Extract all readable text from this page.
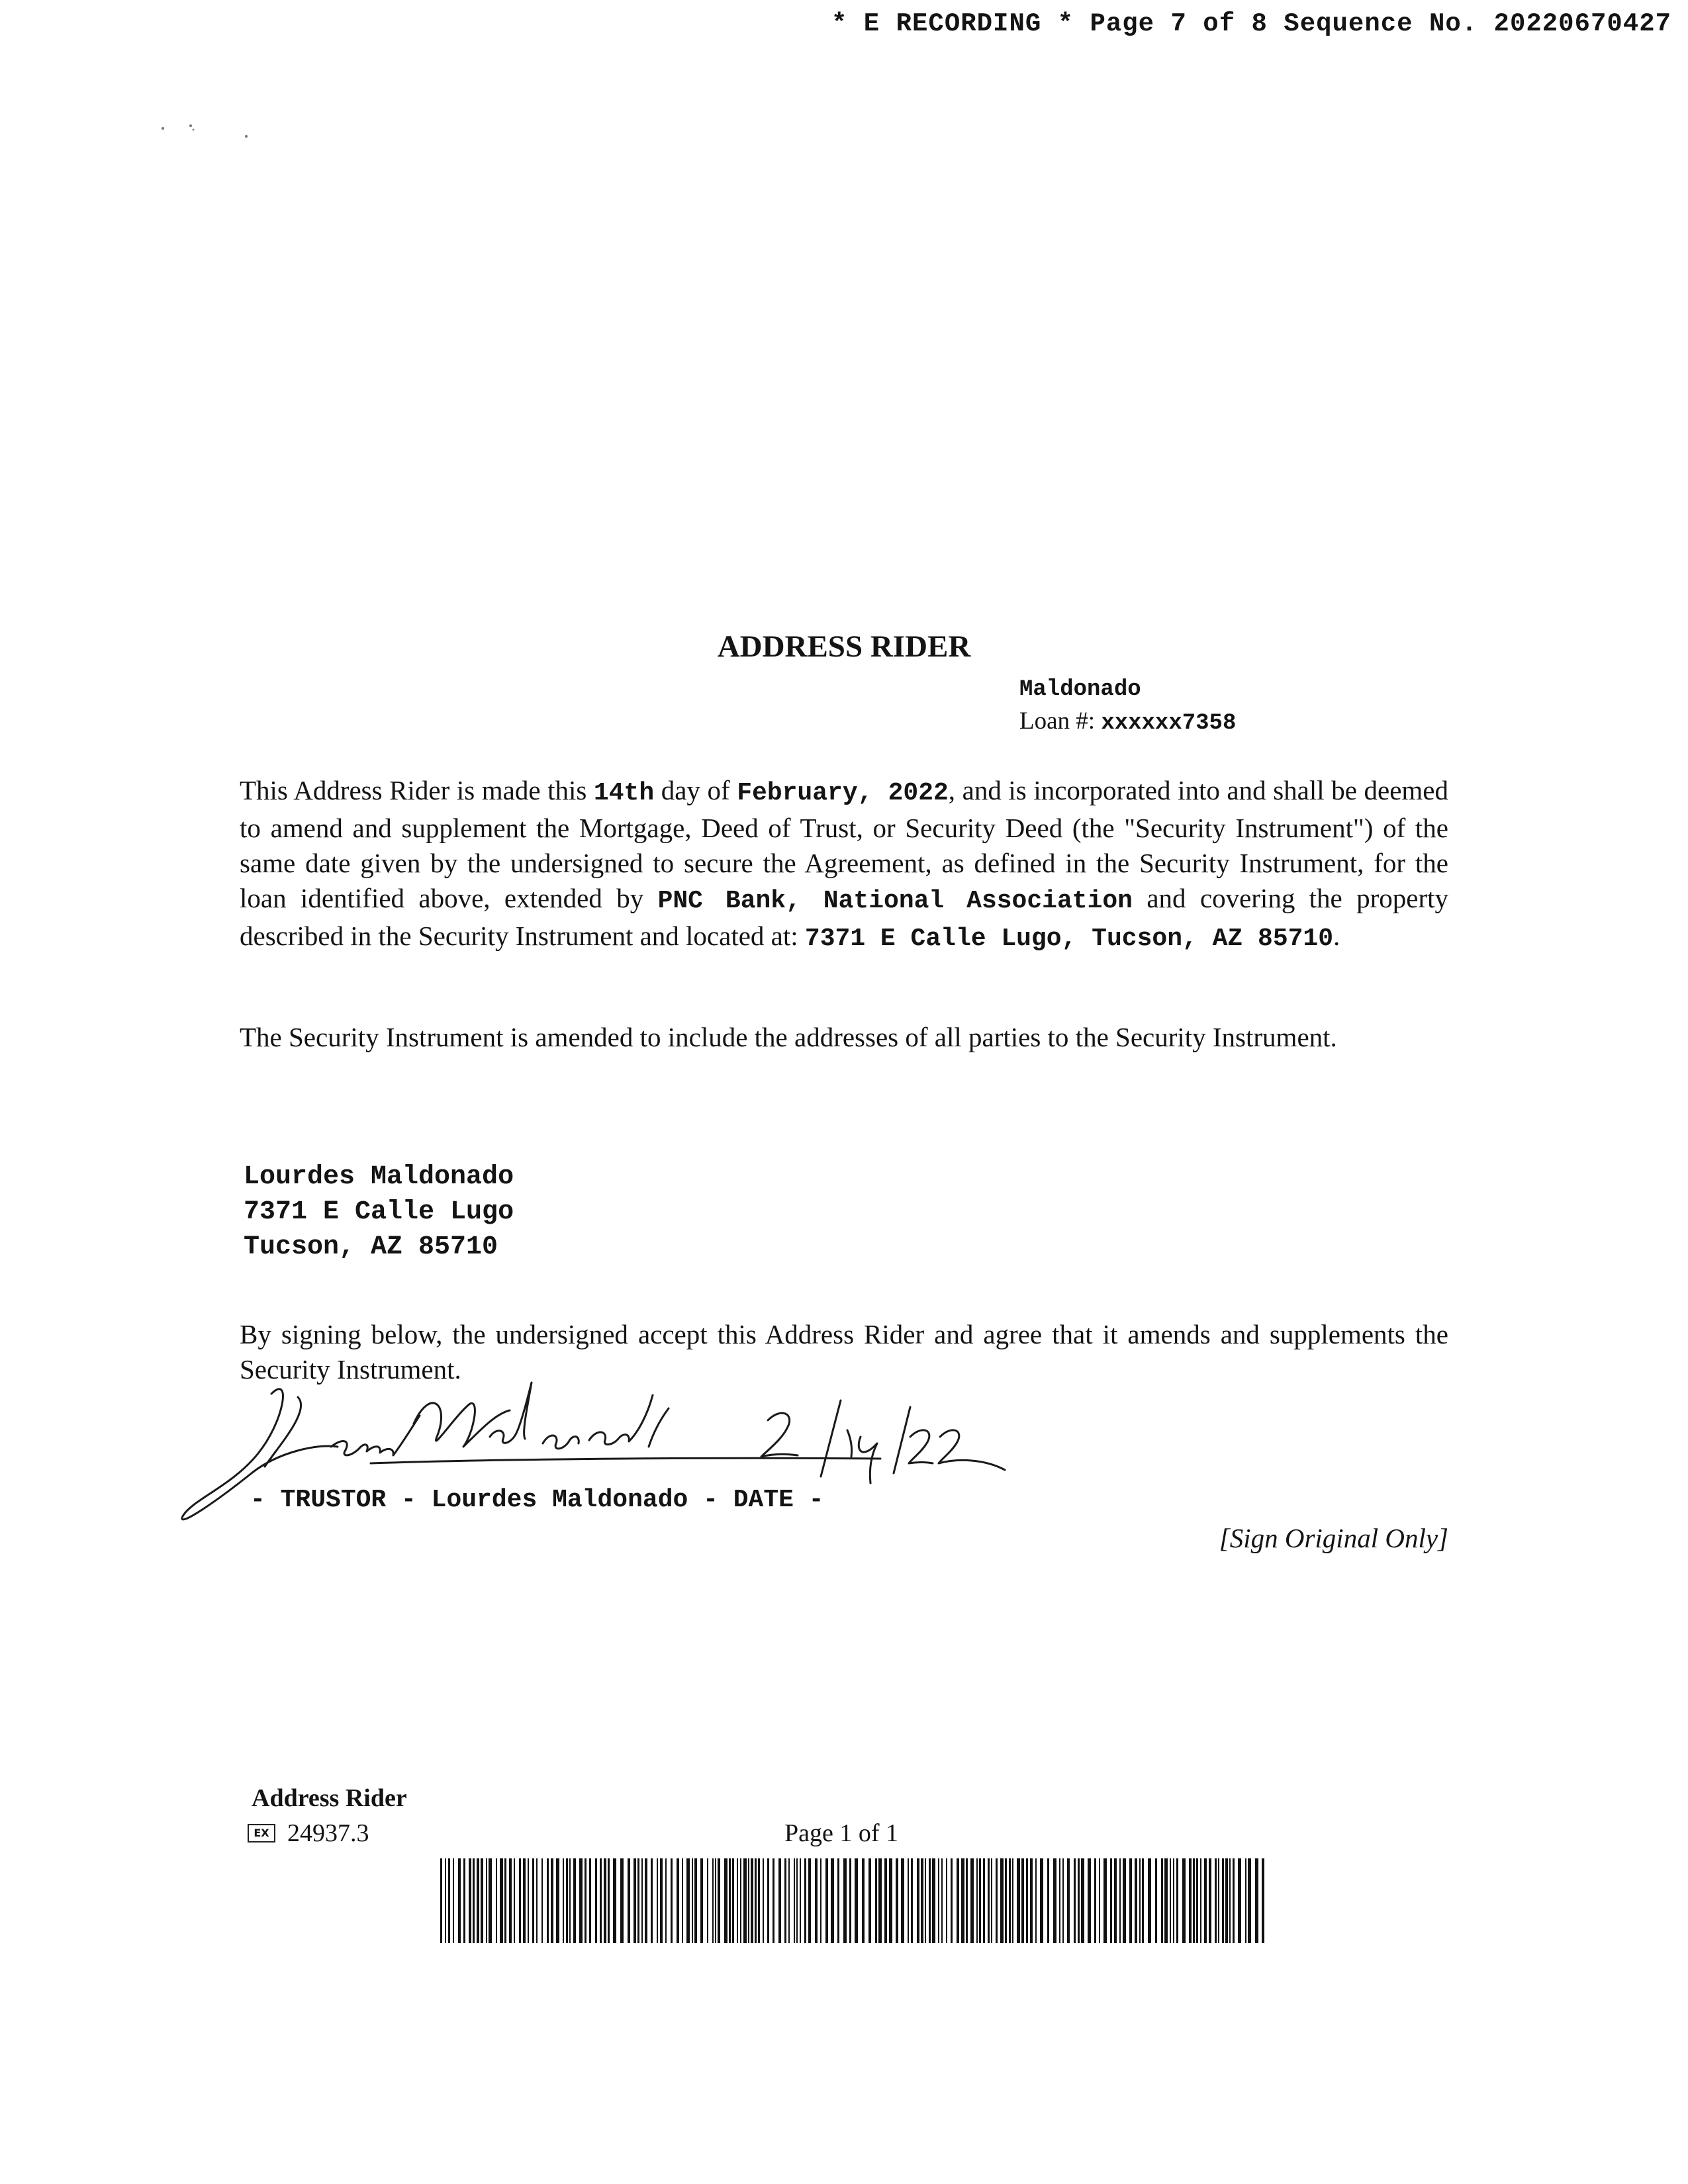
* E RECORDING * Page 7 of 8 Sequence No. 20220670427
ADDRESS RIDER
Maldonado
Loan #: xxxxxx7358
This Address Rider is made this 14th day of February, 2022, and is incorporated into and shall be deemed to amend and supplement the Mortgage, Deed of Trust, or Security Deed (the "Security Instrument") of the same date given by the undersigned to secure the Agreement, as defined in the Security Instrument, for the loan identified above, extended by PNC Bank, National Association and covering the property described in the Security Instrument and located at: 7371 E Calle Lugo, Tucson, AZ 85710.
The Security Instrument is amended to include the addresses of all parties to the Security Instrument.
Lourdes Maldonado
7371 E Calle Lugo
Tucson, AZ 85710
By signing below, the undersigned accept this Address Rider and agree that it amends and supplements the Security Instrument.
- TRUSTOR - Lourdes Maldonado - DATE -
[Sign Original Only]
Address Rider
EX 24937.3	Page 1 of 1
